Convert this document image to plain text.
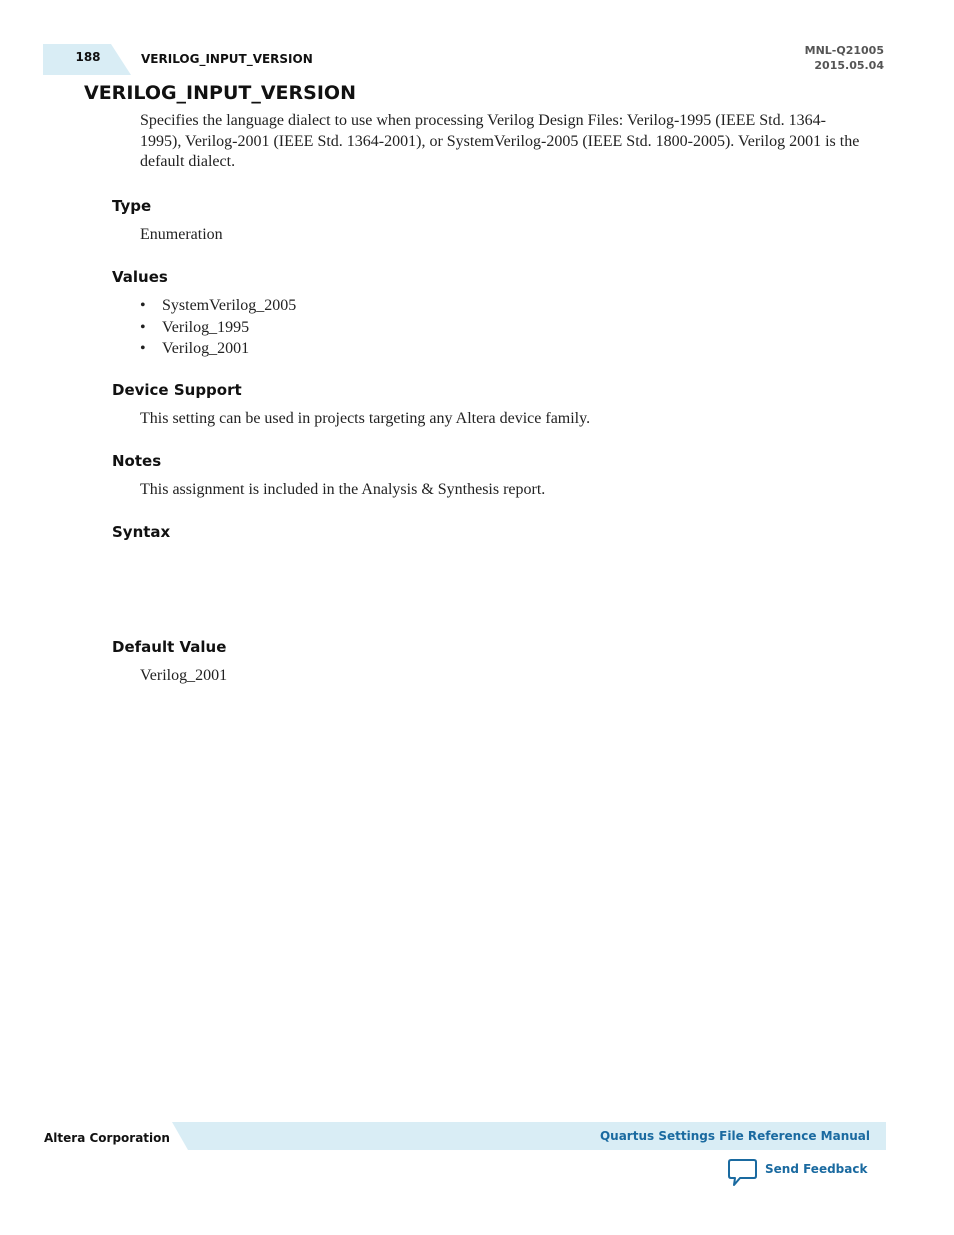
188	VERILOG_INPUT_VERSION
MNL-Q21005
2015.05.04
VERILOG_INPUT_VERSION

Specifies the language dialect to use when processing Verilog Design Files: Verilog-1995 (IEEE Std. 1364-1995), Verilog-2001 (IEEE Std. 1364-2001), or SystemVerilog-2005 (IEEE Std. 1800-2005). Verilog 2001 is the default dialect.

Type

Enumeration

Values
• SystemVerilog_2005
• Verilog_1995
• Verilog_2001
Device Support

This setting can be used in projects targeting any Altera device family.

Notes

This assignment is included in the Analysis & Synthesis report.

Syntax
Default Value

Verilog_2001

Altera Corporation	Quartus Settings File Reference Manual
Send Feedback
